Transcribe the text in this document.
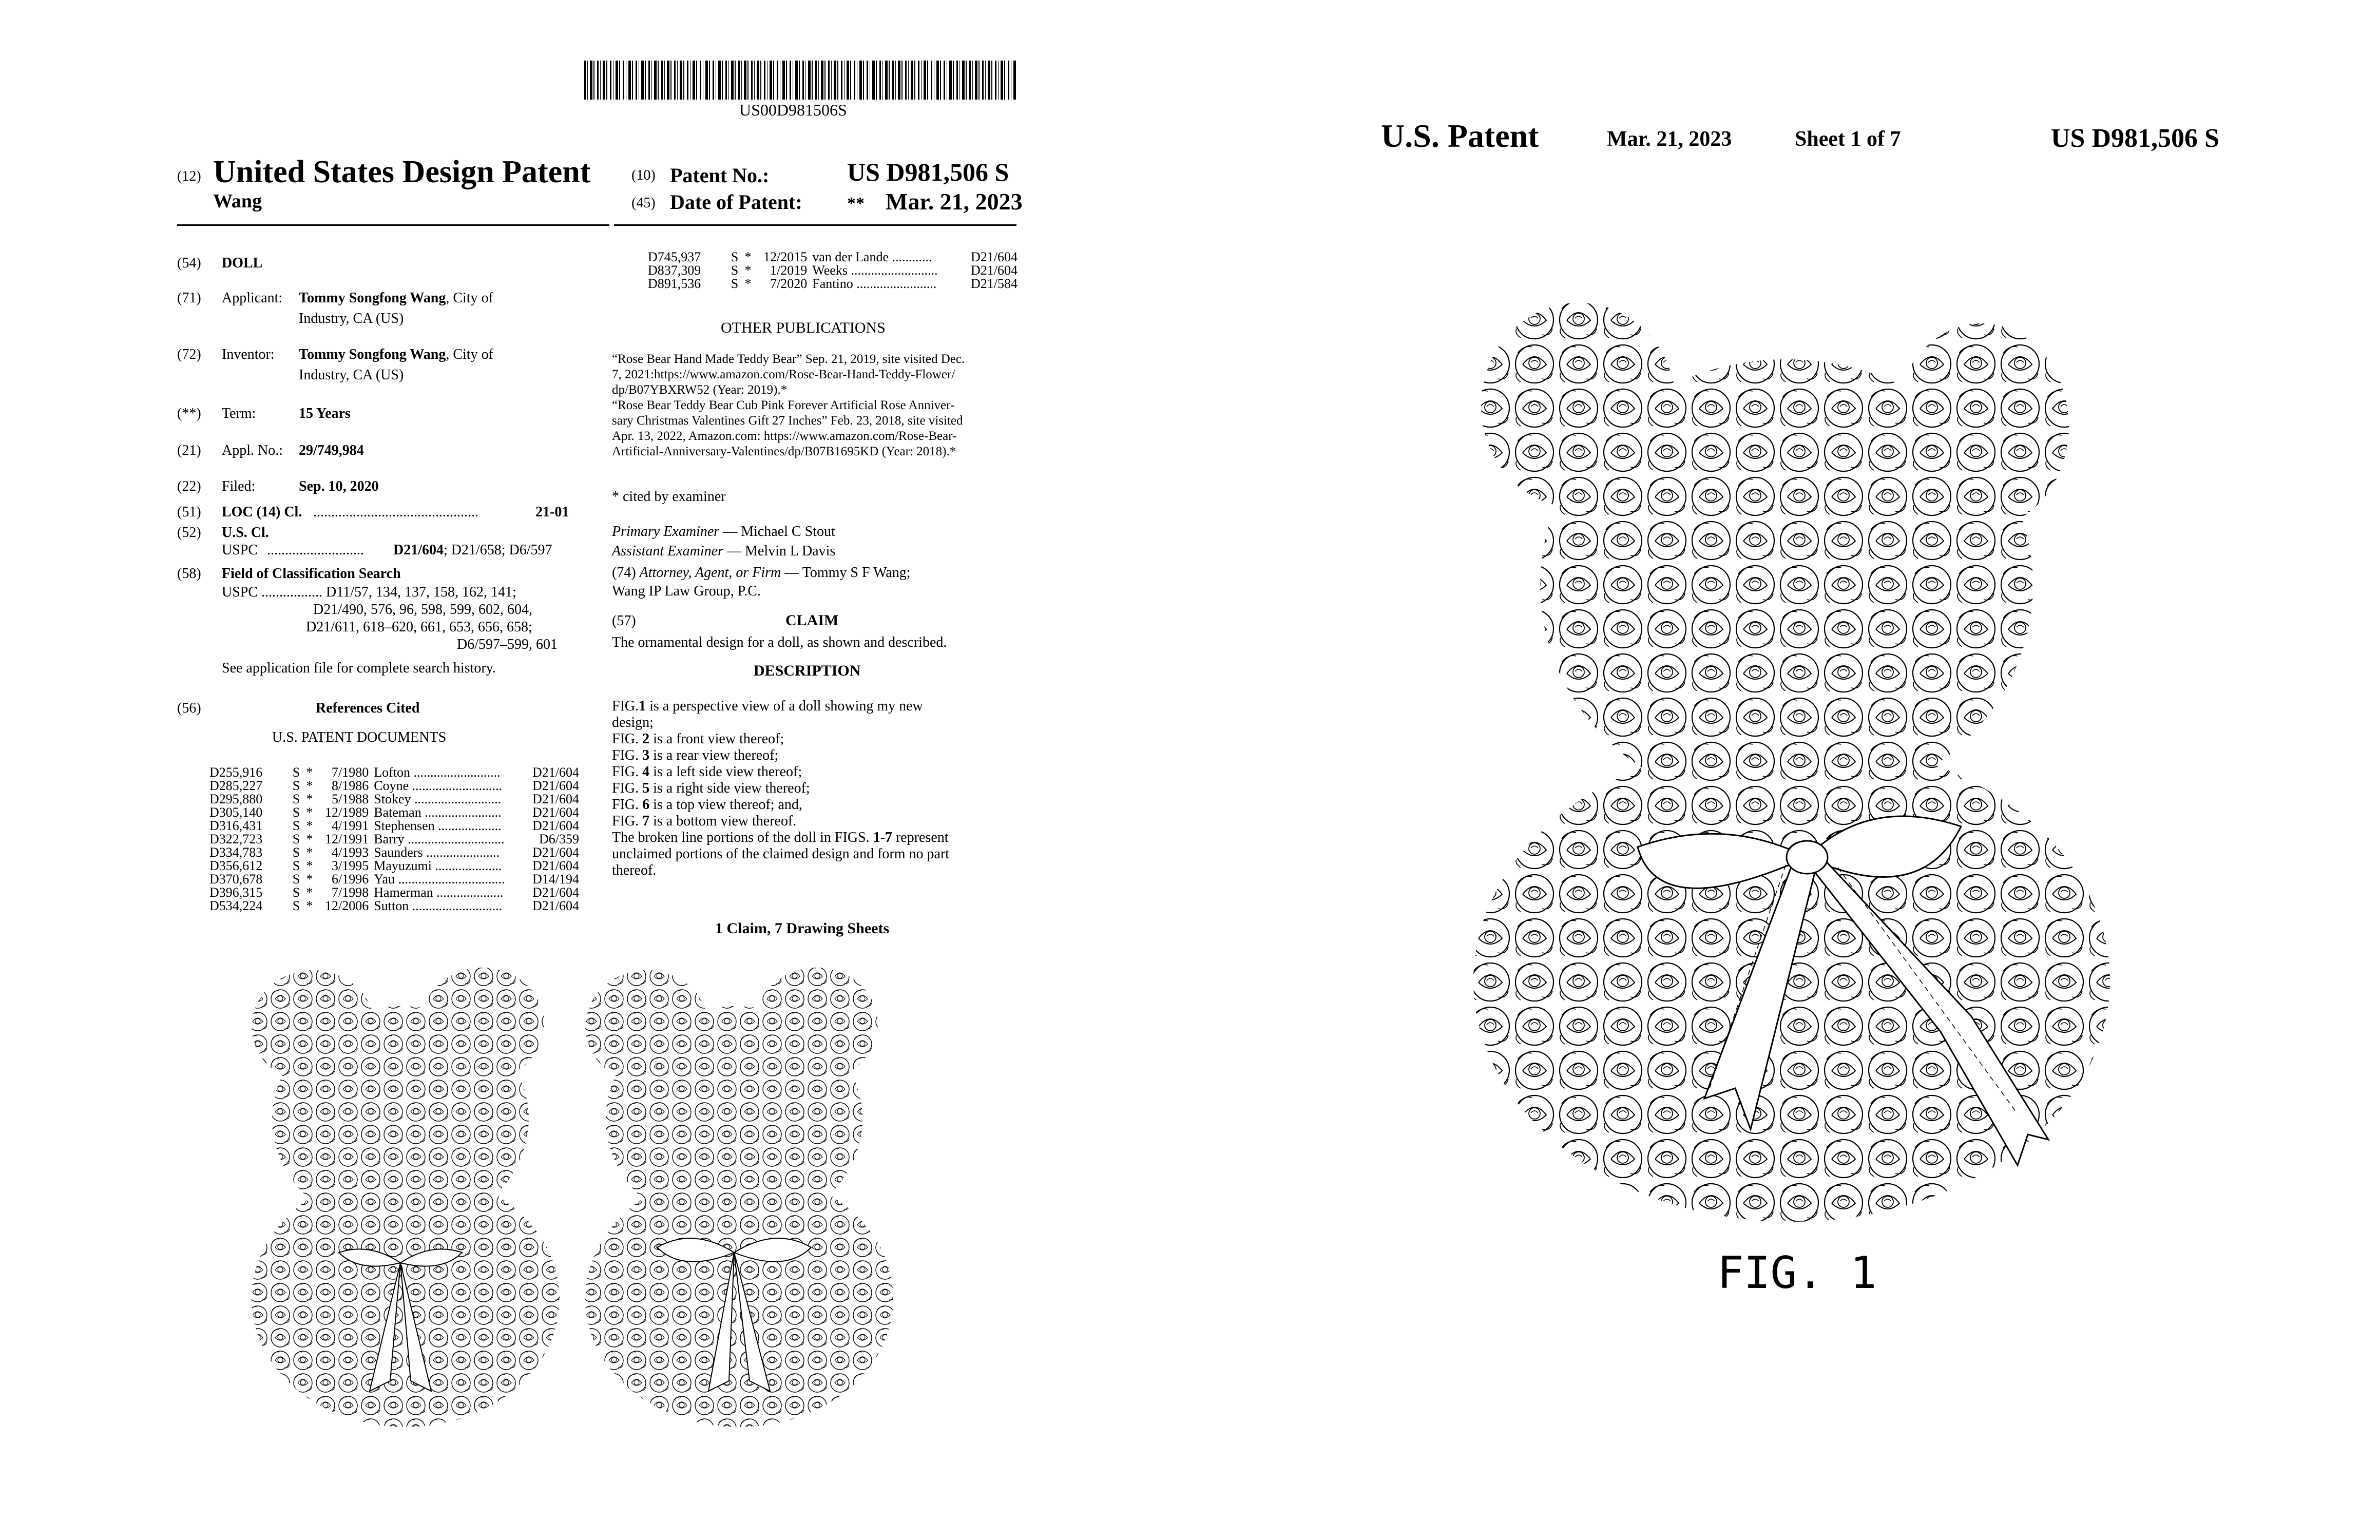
US00D981506S
(12) United States Design Patent
Wang
(10) Patent No.:	US D981,506 S
(45) Date of Patent:	** Mar. 21, 2023
(54) DOLL
(71) Applicant: Tommy Songfong Wang, City of
Industry, CA (US)
(72) Inventor: Tommy Songfong Wang, City of
Industry, CA (US)
(**) Term:	15 Years
(21) Appl. No.: 29/749,984
(22) Filed:	Sep. 10, 2020
(51) LOC (14) Cl. ..............................................	21-01
(52) U.S. Cl.
USPC ........................... D21/604; D21/658; D6/597
(58) Field of Classification Search
USPC ................. D11/57, 134, 137, 158, 162, 141;
D21/490, 576, 96, 598, 599, 602, 604,
D21/611, 618–620, 661, 653, 656, 658;
D6/597–599, 601
See application file for complete search history.
(56)	References Cited
U.S. PATENT DOCUMENTS
D255,916	S *	7/1980 Lofton ..........................	D21/604
D285,227	S *	8/1986 Coyne ...........................	D21/604
D295,880	S *	5/1988 Stokey ..........................	D21/604
D305,140	S * 12/1989 Bateman .......................	D21/604
D316,431	S *	4/1991 Stephensen ...................	D21/604
D322,723	S * 12/1991 Barry .............................	D6/359
D334,783	S *	4/1993 Saunders ......................	D21/604
D356,612	S *	3/1995 Mayuzumi ....................	D21/604
D370,678	S *	6/1996 Yau ................................	D14/194
D396,315	S *	7/1998 Hamerman ....................	D21/604
D534,224	S * 12/2006 Sutton ...........................	D21/604
D745,937	S * 12/2015 van der Lande ............	D21/604
D837,309	S *	1/2019 Weeks ..........................	D21/604
D891,536	S *	7/2020 Fantino ........................	D21/584
OTHER PUBLICATIONS
“Rose Bear Hand Made Teddy Bear” Sep. 21, 2019, site visited Dec.
7, 2021:https://www.amazon.com/Rose-Bear-Hand-Teddy-Flower/
dp/B07YBXRW52 (Year: 2019).*
“Rose Bear Teddy Bear Cub Pink Forever Artificial Rose Anniver-
sary Christmas Valentines Gift 27 Inches” Feb. 23, 2018, site visited
Apr. 13, 2022, Amazon.com: https://www.amazon.com/Rose-Bear-
Artificial-Anniversary-Valentines/dp/B07B1695KD (Year: 2018).*
* cited by examiner
Primary Examiner — Michael C Stout
Assistant Examiner — Melvin L Davis
(74) Attorney, Agent, or Firm — Tommy S F Wang;
Wang IP Law Group, P.C.
(57)	CLAIM
The ornamental design for a doll, as shown and described.
DESCRIPTION
FIG.1 is a perspective view of a doll showing my new
design;
FIG. 2 is a front view thereof;
FIG. 3 is a rear view thereof;
FIG. 4 is a left side view thereof;
FIG. 5 is a right side view thereof;
FIG. 6 is a top view thereof; and,
FIG. 7 is a bottom view thereof.
The broken line portions of the doll in FIGS. 1-7 represent
unclaimed portions of the claimed design and form no part
thereof.
1 Claim, 7 Drawing Sheets
U.S. Patent	Mar. 21, 2023	Sheet 1 of 7	US D981,506 S
FIG. 1
